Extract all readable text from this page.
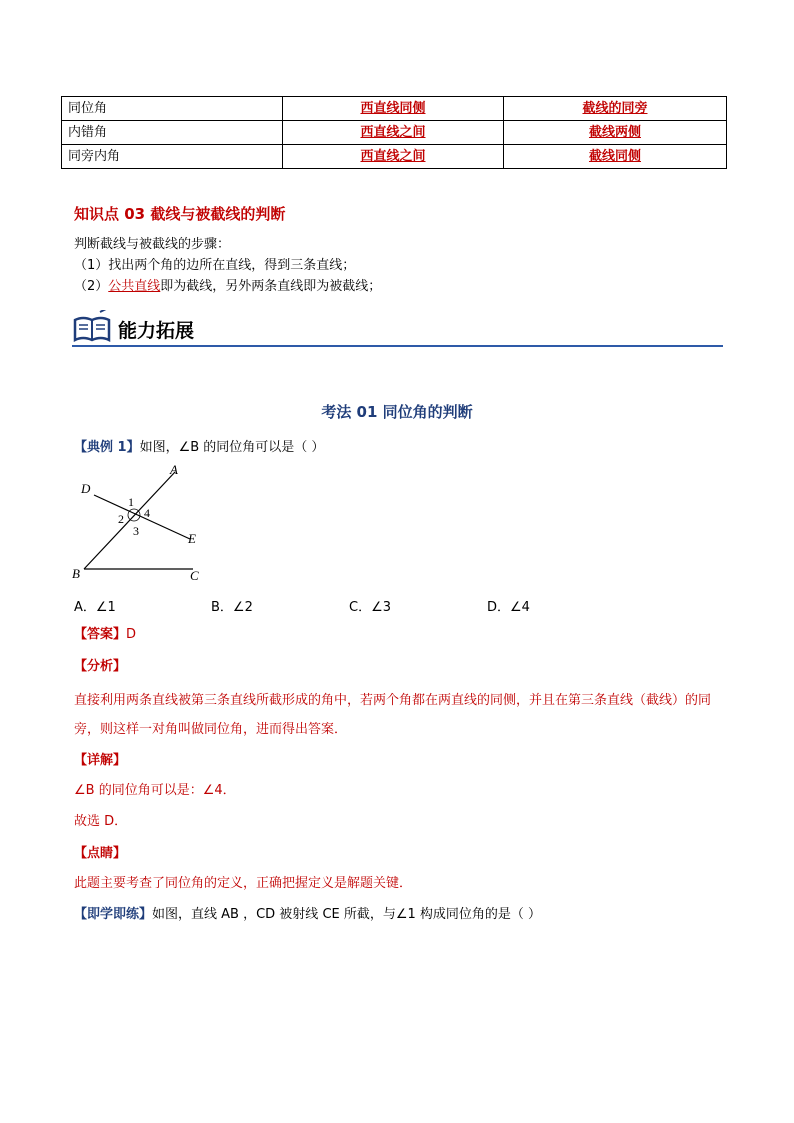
同位角	西直线同侧	截线的同旁
内错角	西直线之间	截线两侧
同旁内角	西直线之间	截线同侧
知识点 03 截线与被截线的判断
判断截线与被截线的步骤：
（1）找出两个角的边所在直线，得到三条直线；
（2）公共直线即为截线，另外两条直线即为被截线；
能力拓展
考法 01 同位角的判断
【典例 1】如图，∠B 的同位角可以是（ ）
A
B	C
D
E
1
2
3
4
A．∠1	B．∠2	C．∠3	D．∠4
【答案】D
【分析】
直接利用两条直线被第三条直线所截形成的角中，若两个角都在两直线的同侧，并且在第三条直线（截线）的同旁，则这样一对角叫做同位角，进而得出答案．
【详解】
∠B 的同位角可以是：∠4．
故选 D．
【点睛】
此题主要考查了同位角的定义，正确把握定义是解题关键．
【即学即练】如图，直线 AB ，CD 被射线 CE 所截，与∠1 构成同位角的是（ ）
